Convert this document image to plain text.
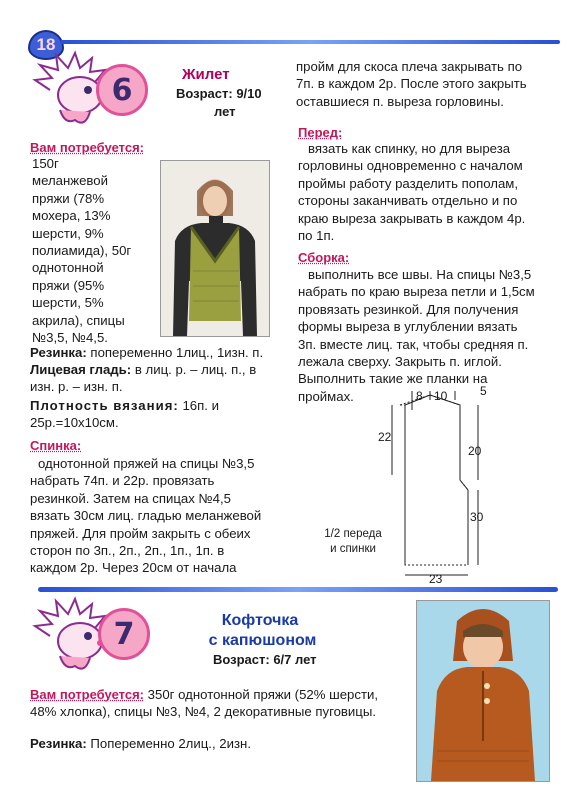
18
6	Жилет
Возраст: 9/10
лет
Вам потребуется:
150г
меланжевой
пряжи (78%
мохера, 13%
шерсти, 9%
полиамида), 50г
однотонной
пряжи (95%
шерсти, 5%
акрила), спицы
№3,5, №4,5.
Резинка: попеременно 1лиц., 1изн. п.
Лицевая гладь: в лиц. р. – лиц. п., в
изн. р. – изн. п.
Плотность вязания: 16п. и
25р.=10x10см.
Спинка:
однотонной пряжей на спицы №3,5
набрать 74п. и 22р. провязать
резинкой. Затем на спицах №4,5
вязать 30см лиц. гладью меланжевой
пряжей. Для пройм закрыть с обеих
сторон по 3п., 2п., 2п., 1п., 1п. в
каждом 2р. Через 20см от начала
пройм для скоса плеча закрывать по
7п. в каждом 2р. После этого закрыть
оставшиеся п. выреза горловины.
Перед:
вязать как спинку, но для выреза
горловины одновременно с началом
проймы работу разделить пополам,
стороны заканчивать отдельно и по
краю выреза закрывать в каждом 4р.
по 1п.
Сборка:
выполнить все швы. На спицы №3,5
набрать по краю выреза петли и 1,5см
провязать резинкой. Для получения
формы выреза в углублении вязать
3п. вместе лиц. так, чтобы средняя п.
лежала сверху. Закрыть п. иглой.
Выполнить такие же планки на
проймах.	8 10	5
22
20
30
23
1/2 переда
и спинки
7	Кофточка
с капюшоном
Возраст: 6/7 лет
Вам потребуется: 350г однотонной пряжи (52% шерсти,
48% хлопка), спицы №3, №4, 2 декоративные пуговицы.
Резинка: Попеременно 2лиц., 2изн.
